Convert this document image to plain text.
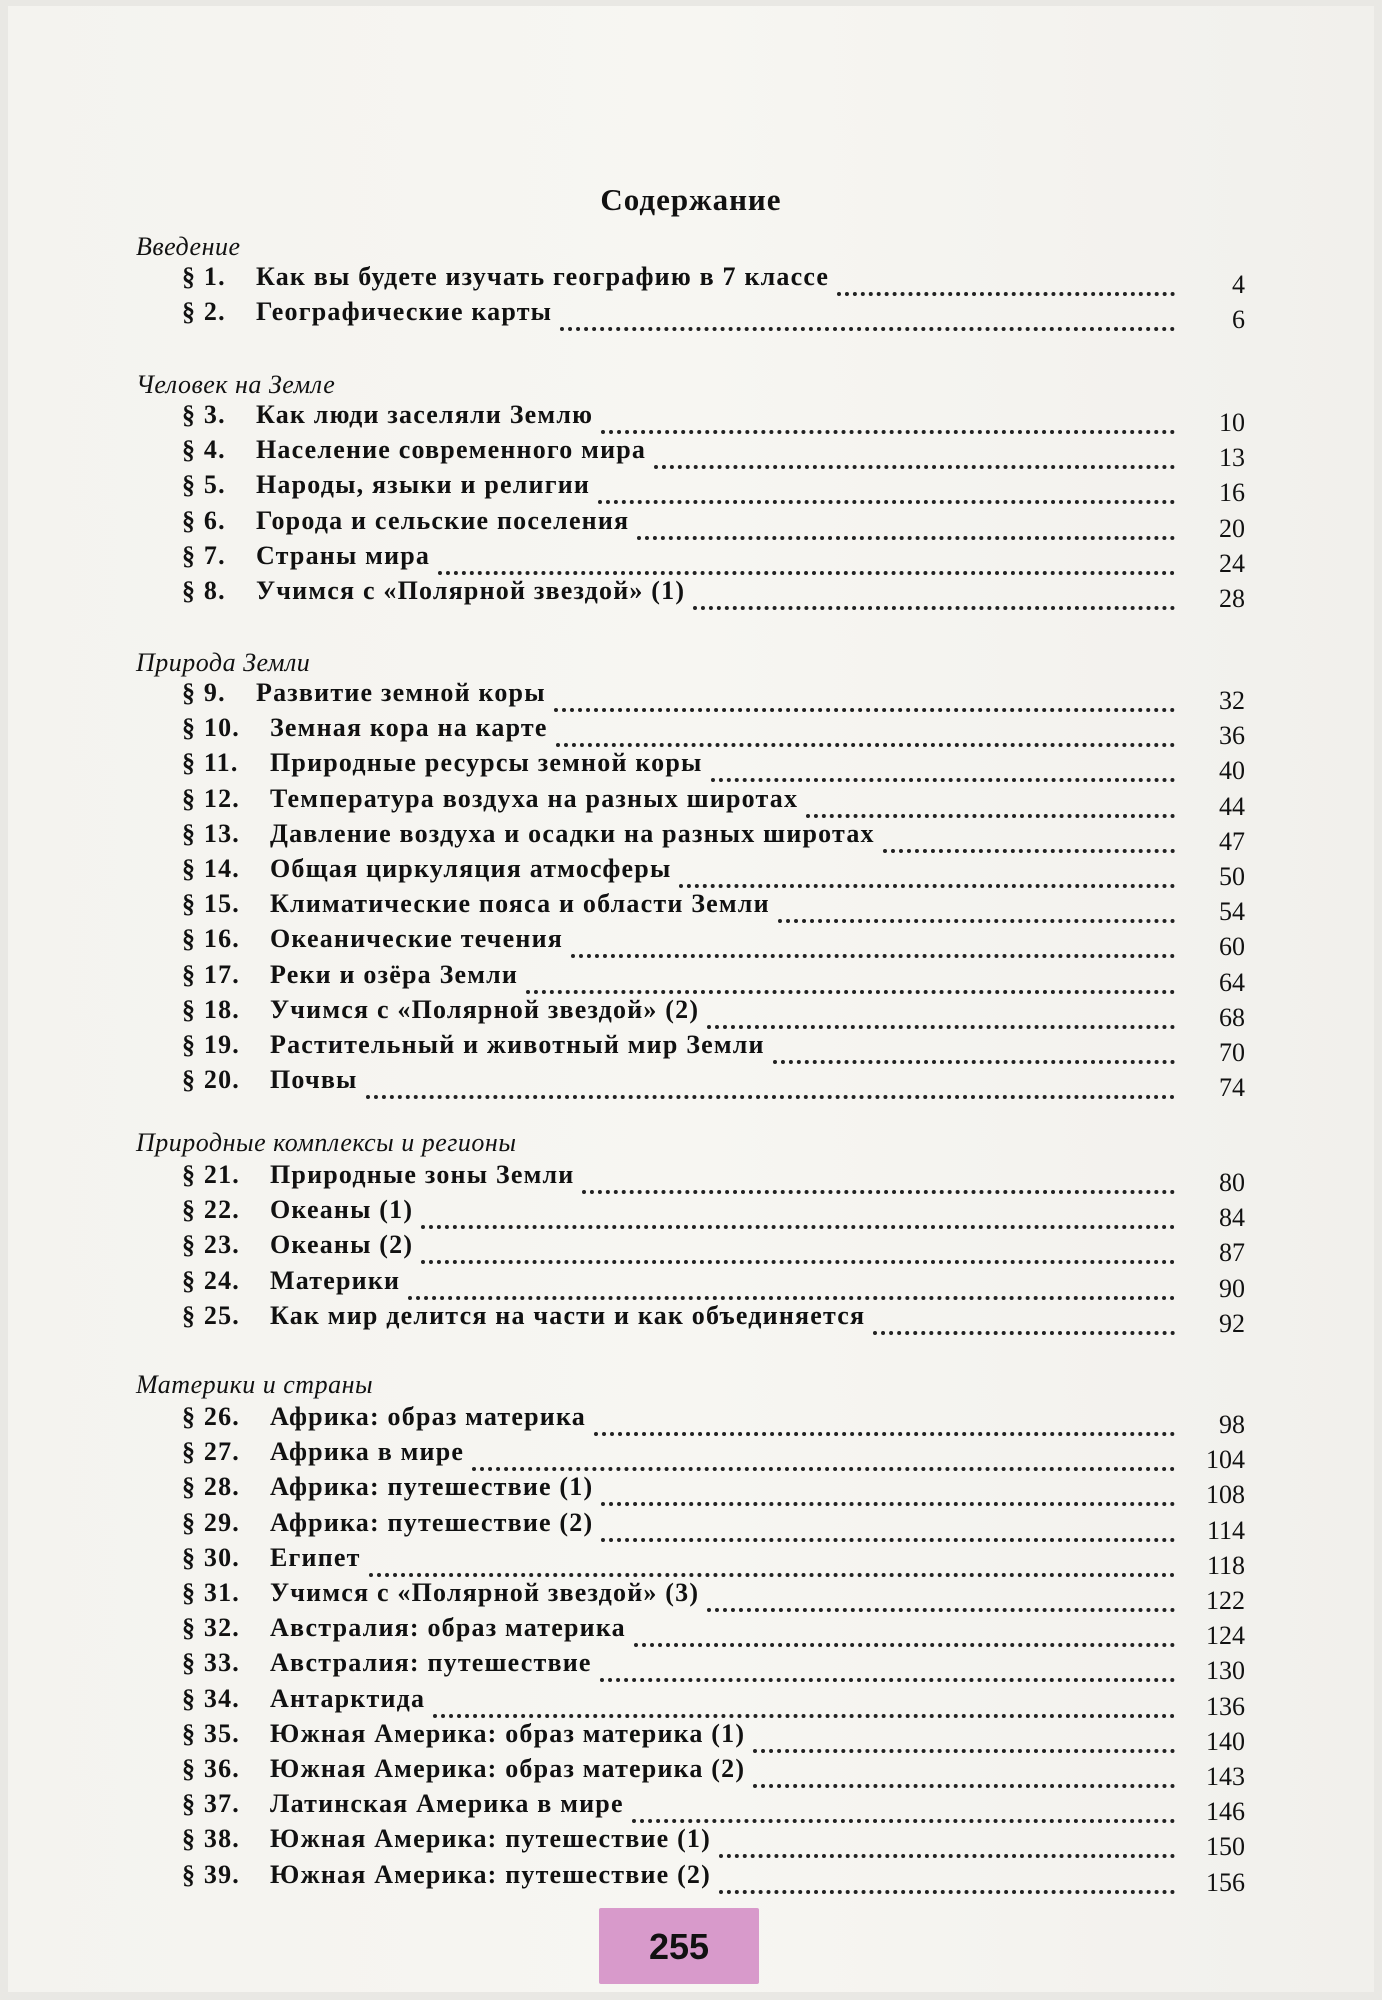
Содержание
Введение
§ 1. Как вы будете изучать географию в 7 классе	4
§ 2. Географические карты	6
Человек на Земле
§ 3. Как люди заселяли Землю	10
§ 4. Население современного мира	13
§ 5. Народы, языки и религии	16
§ 6. Города и сельские поселения	20
§ 7. Страны мира	24
§ 8. Учимся с «Полярной звездой» (1)	28
Природа Земли
§ 9. Развитие земной коры	32
§ 10. Земная кора на карте	36
§ 11. Природные ресурсы земной коры	40
§ 12. Температура воздуха на разных широтах	44
§ 13. Давление воздуха и осадки на разных широтах	47
§ 14. Общая циркуляция атмосферы	50
§ 15. Климатические пояса и области Земли	54
§ 16. Океанические течения	60
§ 17. Реки и озёра Земли	64
§ 18. Учимся с «Полярной звездой» (2)	68
§ 19. Растительный и животный мир Земли	70
§ 20. Почвы	74
Природные комплексы и регионы
§ 21. Природные зоны Земли	80
§ 22. Океаны (1)	84
§ 23. Океаны (2)	87
§ 24. Материки	90
§ 25. Как мир делится на части и как объединяется	92
Материки и страны
§ 26. Африка: образ материка	98
§ 27. Африка в мире	104
§ 28. Африка: путешествие (1)	108
§ 29. Африка: путешествие (2)	114
§ 30. Египет	118
§ 31. Учимся с «Полярной звездой» (3)	122
§ 32. Австралия: образ материка	124
§ 33. Австралия: путешествие	130
§ 34. Антарктида	136
§ 35. Южная Америка: образ материка (1)	140
§ 36. Южная Америка: образ материка (2)	143
§ 37. Латинская Америка в мире	146
§ 38. Южная Америка: путешествие (1)	150
§ 39. Южная Америка: путешествие (2)	156
255
